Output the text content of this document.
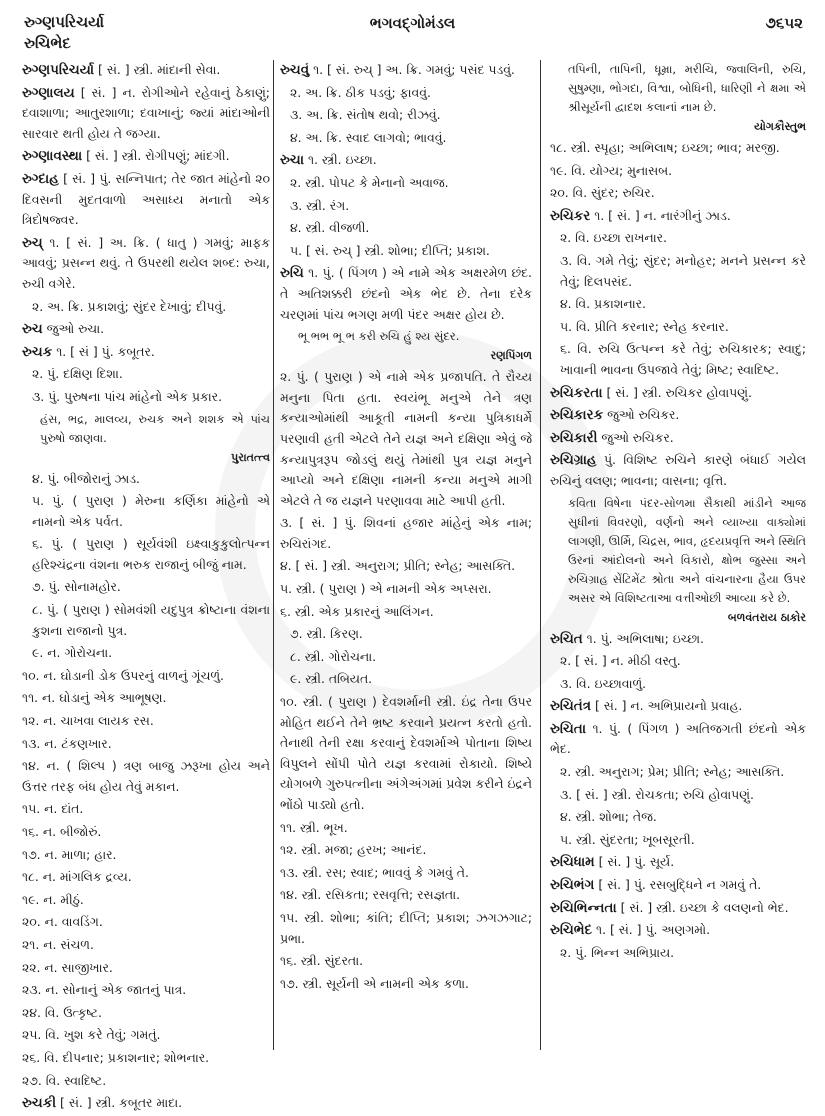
રુગ્ણપરિચર્યા
રુચિભેદ
ભગવદ્ગોમંડલ	૭૬૫૨

રુગ્ણપરિચર્યા [ સં. ] સ્ત્રી. માંદાની સેવા.

રુગ્ણાલય [ સં. ] ન. રોગીઓને રહેવાનું ઠેકાણું; દવાશાળા; આતુરશાળા; દવાખાનું; જ્યાં માંદાઓની સારવાર થતી હોય તે જગ્યા.

રુગ્ણાવસ્થા [ સં. ] સ્ત્રી. રોગીપણું; માંદગી.

રુગ્દાહ [ સં. ] પું. સન્નિપાત; તેર જાત માંહેનો ૨૦ દિવસની મુદતવાળો અસાધ્ય મનાતો એક ત્રિદોષજ્વર.

રુચ્ ૧. [ સં. ] અ. ક્રિ. ( ધાતુ ) ગમવું; માફક આવવું; પ્રસન્ન થવું. તે ઉપરથી થયેલ શબ્દ: રુચા, રુચી વગેરે.

૨. અ. ક્રિ. પ્રકાશવું; સુંદર દેખાવું; દીપવું.

રુચ જુઓ રુચા.

રુચક ૧. [ સં ] પું. કબૂતર.

૨. પું. દક્ષિણ દિશા.

૩. પું. પુરુષના પાંચ માંહેનો એક પ્રકાર.

હંસ, ભદ્ર, માલવ્ય, રુચક અને શશક એ પાંચ પુરુષો જાણવા.
પુરાતત્ત્વ

૪. પું. બીજોરાનું ઝાડ.

૫. પું. ( પુરાણ ) મેરુના કર્ણિકા માંહેનો એ નામનો એક પર્વત.

૬. પું. ( પુરાણ ) સૂર્યવંશી ઇક્ષ્વાકુકુલોત્પન્ન હરિશ્ચંદ્રના વંશના ભરુક રાજાનું બીજું નામ.

૭. પું. સોનામહોર.

૮. પું. ( પુરાણ ) સોમવંશી યદુપુત્ર ક્રોષ્ટાના વંશના કુશના રાજાનો પુત્ર.

૯. ન. ગોરોચના.

૧૦. ન. ઘોડાની ડોક ઉપરનું વાળનું ગૂંચળું.

૧૧. ન. ઘોડાનું એક આભૂષણ.

૧૨. ન. ચાખવા લાયક રસ.

૧૩. ન. ટંકણખાર.

૧૪. ન. ( શિલ્પ ) ત્રણ બાજુ ઝરૂખા હોય અને ઉત્તર તરફ બંધ હોય તેવું મકાન.

૧૫. ન. દાંત.

૧૬. ન. બીજોરું.

૧૭. ન. માળા; હાર.

૧૮. ન. માંગલિક દ્રવ્ય.

૧૯. ન. મીઠું.

૨૦. ન. વાવડિંગ.

૨૧. ન. સંચળ.

૨૨. ન. સાજીખાર.

૨૩. ન. સોનાનું એક જાતનું પાત્ર.

૨૪. વિ. ઉત્કૃષ્ટ.

૨૫. વિ. ખુશ કરે તેવું; ગમતું.

૨૬. વિ. દીપનાર; પ્રકાશનાર; શોભનાર.

૨૭. વિ. સ્વાદિષ્ટ.

રુચકી [ સં. ] સ્ત્રી. કબૂતર માદા.

રુચવું ૧. [ સં. રુચ્ ] અ. ક્રિ. ગમવું; પસંદ પડવું.

૨. અ. ક્રિ. ઠીક પડવું; ફાવવું.

૩. અ. ક્રિ. સંતોષ થવો; રીઝવું.

૪. અ. ક્રિ. સ્વાદ લાગવો; ભાવવું.

રુચા ૧. સ્ત્રી. ઇચ્છા.

૨. સ્ત્રી. પોપટ કે મેનાનો અવાજ.

૩. સ્ત્રી. રંગ.

૪. સ્ત્રી. વીજળી.

૫. [ સં. રુચ્ ] સ્ત્રી. શોભા; દીપ્તિ; પ્રકાશ.

રુચિ ૧. પું. ( પિંગળ ) એ નામે એક અક્ષરમેળ છંદ. તે અતિશક્કરી છંદનો એક ભેદ છે. તેના દરેક ચરણમાં પાંચ ભગણ મળી પંદર અક્ષર હોય છે.

ભૂ ભભ ભૂ ભ કરી રુચિ હું શ્ય સુંદર.
રણપિંગળ

૨. પું. ( પુરાણ ) એ નામે એક પ્રજાપતિ. તે રૌચ્ય મનુના પિતા હતા. સ્વયંભૂ મનુએ તેને ત્રણ કન્યાઓમાંથી આકૂતી નામની કન્યા પુત્રિકાધર્મે પરણાવી હતી એટલે તેને યજ્ઞ અને દક્ષિણા એવું જે કન્યાપુત્રરૂપ જોડલું થયું તેમાંથી પુત્ર યજ્ઞ મનુને આપ્યો અને દક્ષિણા નામની કન્યા મનુએ માગી એટલે તે જ યજ્ઞને પરણાવવા માટે આપી હતી.

૩. [ સં. ] પું. શિવનાં હજાર માંહેનું એક નામ; રુચિરાંગદ.

૪. [ સં. ] સ્ત્રી. અનુરાગ; પ્રીતિ; સ્નેહ; આસક્તિ.

૫. સ્ત્રી. ( પુરાણ ) એ નામની એક અપ્સરા.

૬. સ્ત્રી. એક પ્રકારનું આલિંગન.

૭. સ્ત્રી. કિરણ.

૮. સ્ત્રી. ગોરોચના.

૯. સ્ત્રી. તબિયત.

૧૦. સ્ત્રી. ( પુરાણ ) દેવશર્માની સ્ત્રી. ઇંદ્ર તેના ઉપર મોહિત થઈને તેને ભ્રષ્ટ કરવાને પ્રયત્ન કરતો હતો. તેનાથી તેની રક્ષા કરવાનું દેવશર્માએ પોતાના શિષ્ય વિપુલને સોંપી પોતે યજ્ઞ કરવામાં રોકાયો. શિષ્યે યોગબળે ગુરુપત્નીના અંગેઅંગમાં પ્રવેશ કરીને ઇંદ્રને ભોંઠો પાડ્યો હતો.

૧૧. સ્ત્રી. ભૂખ.

૧૨. સ્ત્રી. મજા; હરખ; આનંદ.

૧૩. સ્ત્રી. રસ; સ્વાદ; ભાવવું કે ગમવું તે.

૧૪. સ્ત્રી. રસિકતા; રસવૃત્તિ; રસજ્ઞતા.

૧૫. સ્ત્રી. શોભા; કાંતિ; દીપ્તિ; પ્રકાશ; ઝગઝગાટ; પ્રભા.

૧૬. સ્ત્રી. સુંદરતા.

૧૭. સ્ત્રી. સૂર્યની એ નામની એક કળા.

તપિની, તાપિની, ધૂમ્રા, મરીચિ, જ્વાલિની, રુચિ, સુષુમ્ણા, ભોગદા, વિશ્વા, બોધિની, ધારિણી ને ક્ષમા એ શ્રીસૂર્યની દ્વાદશ કલાનાં નામ છે.
યોગકૌસ્તુભ

૧૮. સ્ત્રી. સ્પૃહા; અભિલાષ; ઇચ્છા; ભાવ; મરજી.

૧૯. વિ. યોગ્ય; મુનાસબ.

૨૦. વિ. સુંદર; રુચિર.

રુચિકર ૧. [ સં. ] ન. નારંગીનું ઝાડ.

૨. વિ. ઇચ્છા રાખનાર.

૩. વિ. ગમે તેવું; સુંદર; મનોહર; મનને પ્રસન્ન કરે તેવું; દિલપસંદ.

૪. વિ. પ્રકાશનાર.

૫. વિ. પ્રીતિ કરનાર; સ્નેહ કરનાર.

૬. વિ. રુચિ ઉત્પન્ન કરે તેવું; રુચિકારક; સ્વાદુ; ખાવાની ભાવના ઉપજાવે તેવું; મિષ્ટ; સ્વાદિષ્ટ.

રુચિકરતા [ સં. ] સ્ત્રી. રુચિકર હોવાપણું.

રુચિકારક જુઓ રુચિકર.

રુચિકારી જુઓ રુચિકર.

રુચિગ્રાહ પું. વિશિષ્ટ રુચિને કારણે બંધાઈ ગયેલ રુચિનું વલણ; ભાવના; વાસના; વૃત્તિ.

કવિતા વિષેના પંદર-સોળમા સૈકાથી માંડીને આજ સુધીનાં વિવરણો, વર્ણનો અને વ્યાખ્યા વાક્યોમાં લાગણી, ઊર્મિ, ચિદ્રસ, ભાવ, હૃદયપ્રવૃત્તિ અને સ્થિતિ ઉરનાં આંદોલનો અને વિકારો, ક્ષોભ જુસ્સા અને રુચિગ્રાહ સેંટિમેંટ શ્રોતા અને વાંચનારના હૈયા ઉપર અસર એ વિશિષ્ટતાઆ વત્તીઓછી આવ્યા કરે છે.
બળવંતરાય ઠાકોર

રુચિત ૧. પું. અભિલાષા; ઇચ્છા.

૨. [ સં. ] ન. મીઠી વસ્તુ.

૩. વિ. ઇચ્છાવાળું.

રુચિતંત્ર [ સં. ] ન. અભિપ્રાયનો પ્રવાહ.

રુચિતા ૧. પું. ( પિંગળ ) અતિજગતી છંદનો એક ભેદ.

૨. સ્ત્રી. અનુરાગ; પ્રેમ; પ્રીતિ; સ્નેહ; આસક્તિ.

૩. [ સં. ] સ્ત્રી. રોચકતા; રુચિ હોવાપણું.

૪. સ્ત્રી. શોભા; તેજ.

૫. સ્ત્રી. સુંદરતા; ખૂબસૂરતી.

રુચિધામ [ સં. ] પું. સૂર્ય.

રુચિભંગ [ સં. ] પું. રસબુદ્ધિને ન ગમવું તે.

રુચિભિન્નતા [ સં. ] સ્ત્રી. ઇચ્છા કે વલણનો ભેદ.

રુચિભેદ ૧. [ સં. ] પું. અણગમો.

૨. પું. ભિન્ન અભિપ્રાય.
